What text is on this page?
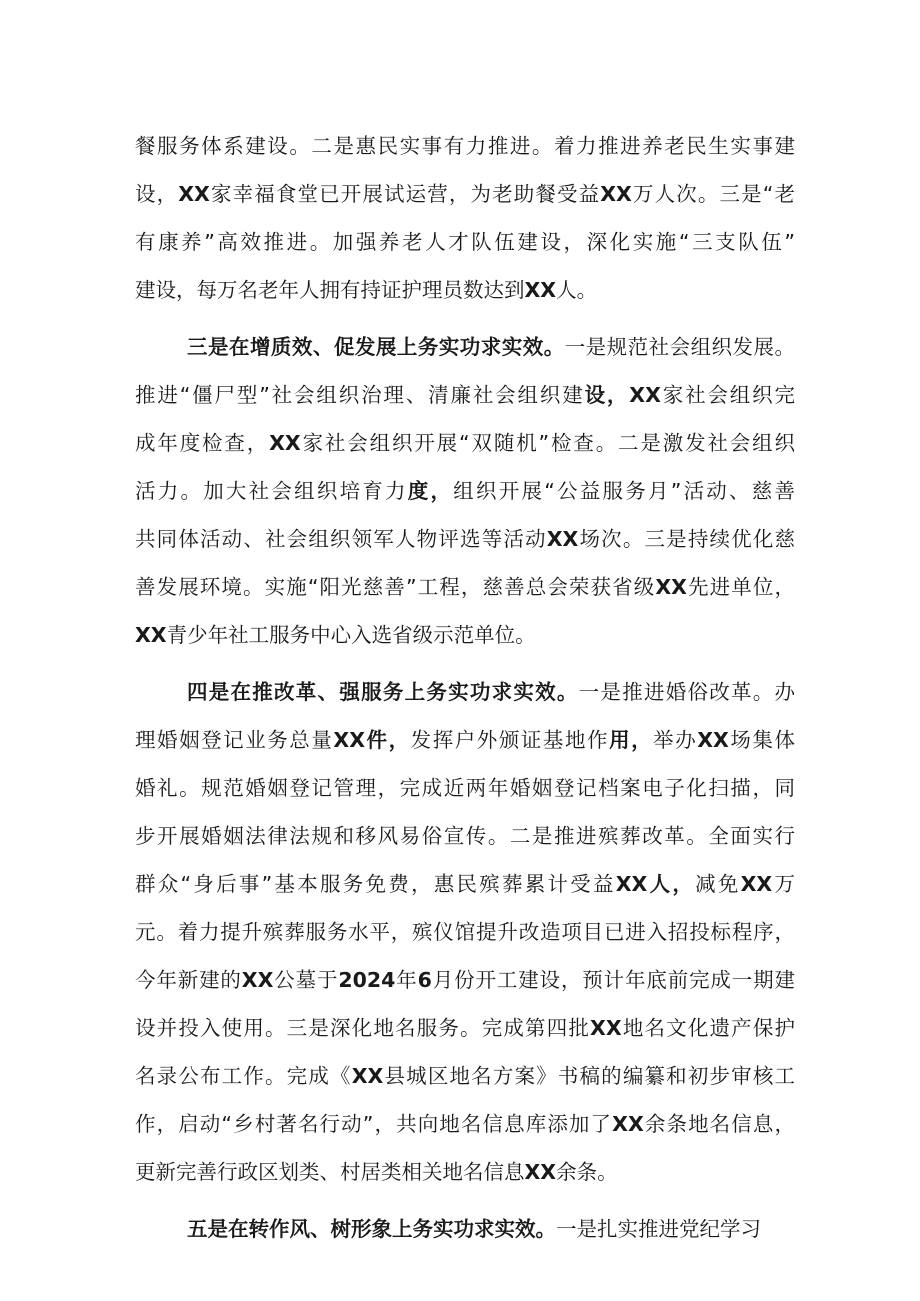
餐服务体系建设。二是惠民实事有力推进。着力推进养老民生实事建
设，XX家幸福食堂已开展试运营，为老助餐受益XX万人次。三是“老
有康养”高效推进。加强养老人才队伍建设，深化实施“三支队伍”
建设，每万名老年人拥有持证护理员数达到XX人。
三是在增质效、促发展上务实功求实效。一是规范社会组织发展。
推进“僵尸型”社会组织治理、清廉社会组织建设，XX家社会组织完
成年度检查，XX家社会组织开展“双随机”检查。二是激发社会组织
活力。加大社会组织培育力度，组织开展“公益服务月”活动、慈善
共同体活动、社会组织领军人物评选等活动XX场次。三是持续优化慈
善发展环境。实施“阳光慈善”工程，慈善总会荣获省级XX先进单位，
XX青少年社工服务中心入选省级示范单位。
四是在推改革、强服务上务实功求实效。一是推进婚俗改革。办
理婚姻登记业务总量XX件，发挥户外颁证基地作用，举办XX场集体
婚礼。规范婚姻登记管理，完成近两年婚姻登记档案电子化扫描，同
步开展婚姻法律法规和移风易俗宣传。二是推进殡葬改革。全面实行
群众“身后事”基本服务免费，惠民殡葬累计受益XX人，减免XX万
元。着力提升殡葬服务水平，殡仪馆提升改造项目已进入招投标程序，
今年新建的XX公墓于2024年6月份开工建设，预计年底前完成一期建
设并投入使用。三是深化地名服务。完成第四批XX地名文化遗产保护
名录公布工作。完成《XX县城区地名方案》书稿的编纂和初步审核工
作，启动“乡村著名行动”，共向地名信息库添加了XX余条地名信息，
更新完善行政区划类、村居类相关地名信息XX余条。
五是在转作风、树形象上务实功求实效。一是扎实推进党纪学习
